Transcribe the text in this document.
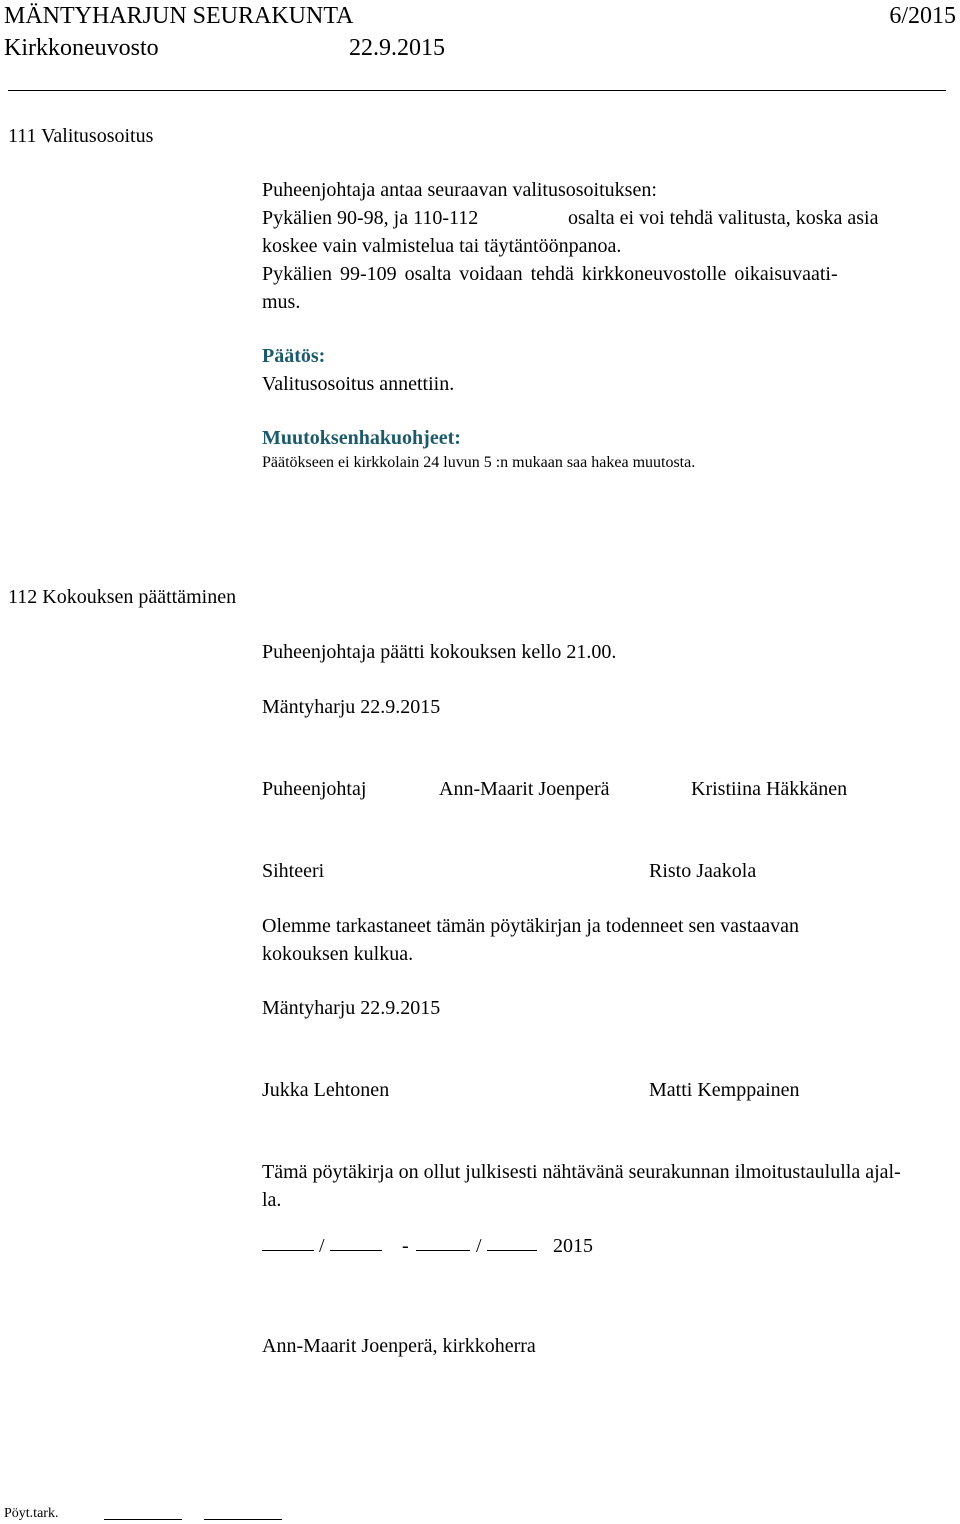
MÄNTYHARJUN SEURAKUNTA	6/2015
Kirkkoneuvosto	22.9.2015
111 Valitusosoitus
Puheenjohtaja antaa seuraavan valitusosoituksen:
Pykälien 90-98, ja 110-112	osalta ei voi tehdä valitusta, koska asia
koskee vain valmistelua tai täytäntöönpanoa.
Pykälien 99-109 osalta voidaan tehdä kirkkoneuvostolle oikaisuvaati-
mus.
Päätös:
Valitusosoitus annettiin.
Muutoksenhakuohjeet:
Päätökseen ei kirkkolain 24 luvun 5 :n mukaan saa hakea muutosta.
112 Kokouksen päättäminen
Puheenjohtaja päätti kokouksen kello 21.00.
Mäntyharju 22.9.2015
Puheenjohtaj	Ann-Maarit Joenperä	Kristiina Häkkänen
Sihteeri	Risto Jaakola
Olemme tarkastaneet tämän pöytäkirjan ja todenneet sen vastaavan
kokouksen kulkua.
Mäntyharju 22.9.2015
Jukka Lehtonen	Matti Kemppainen
Tämä pöytäkirja on ollut julkisesti nähtävänä seurakunnan ilmoitustaululla ajal-
la.
/	-	/	2015
Ann-Maarit Joenperä, kirkkoherra
Pöyt.tark.
